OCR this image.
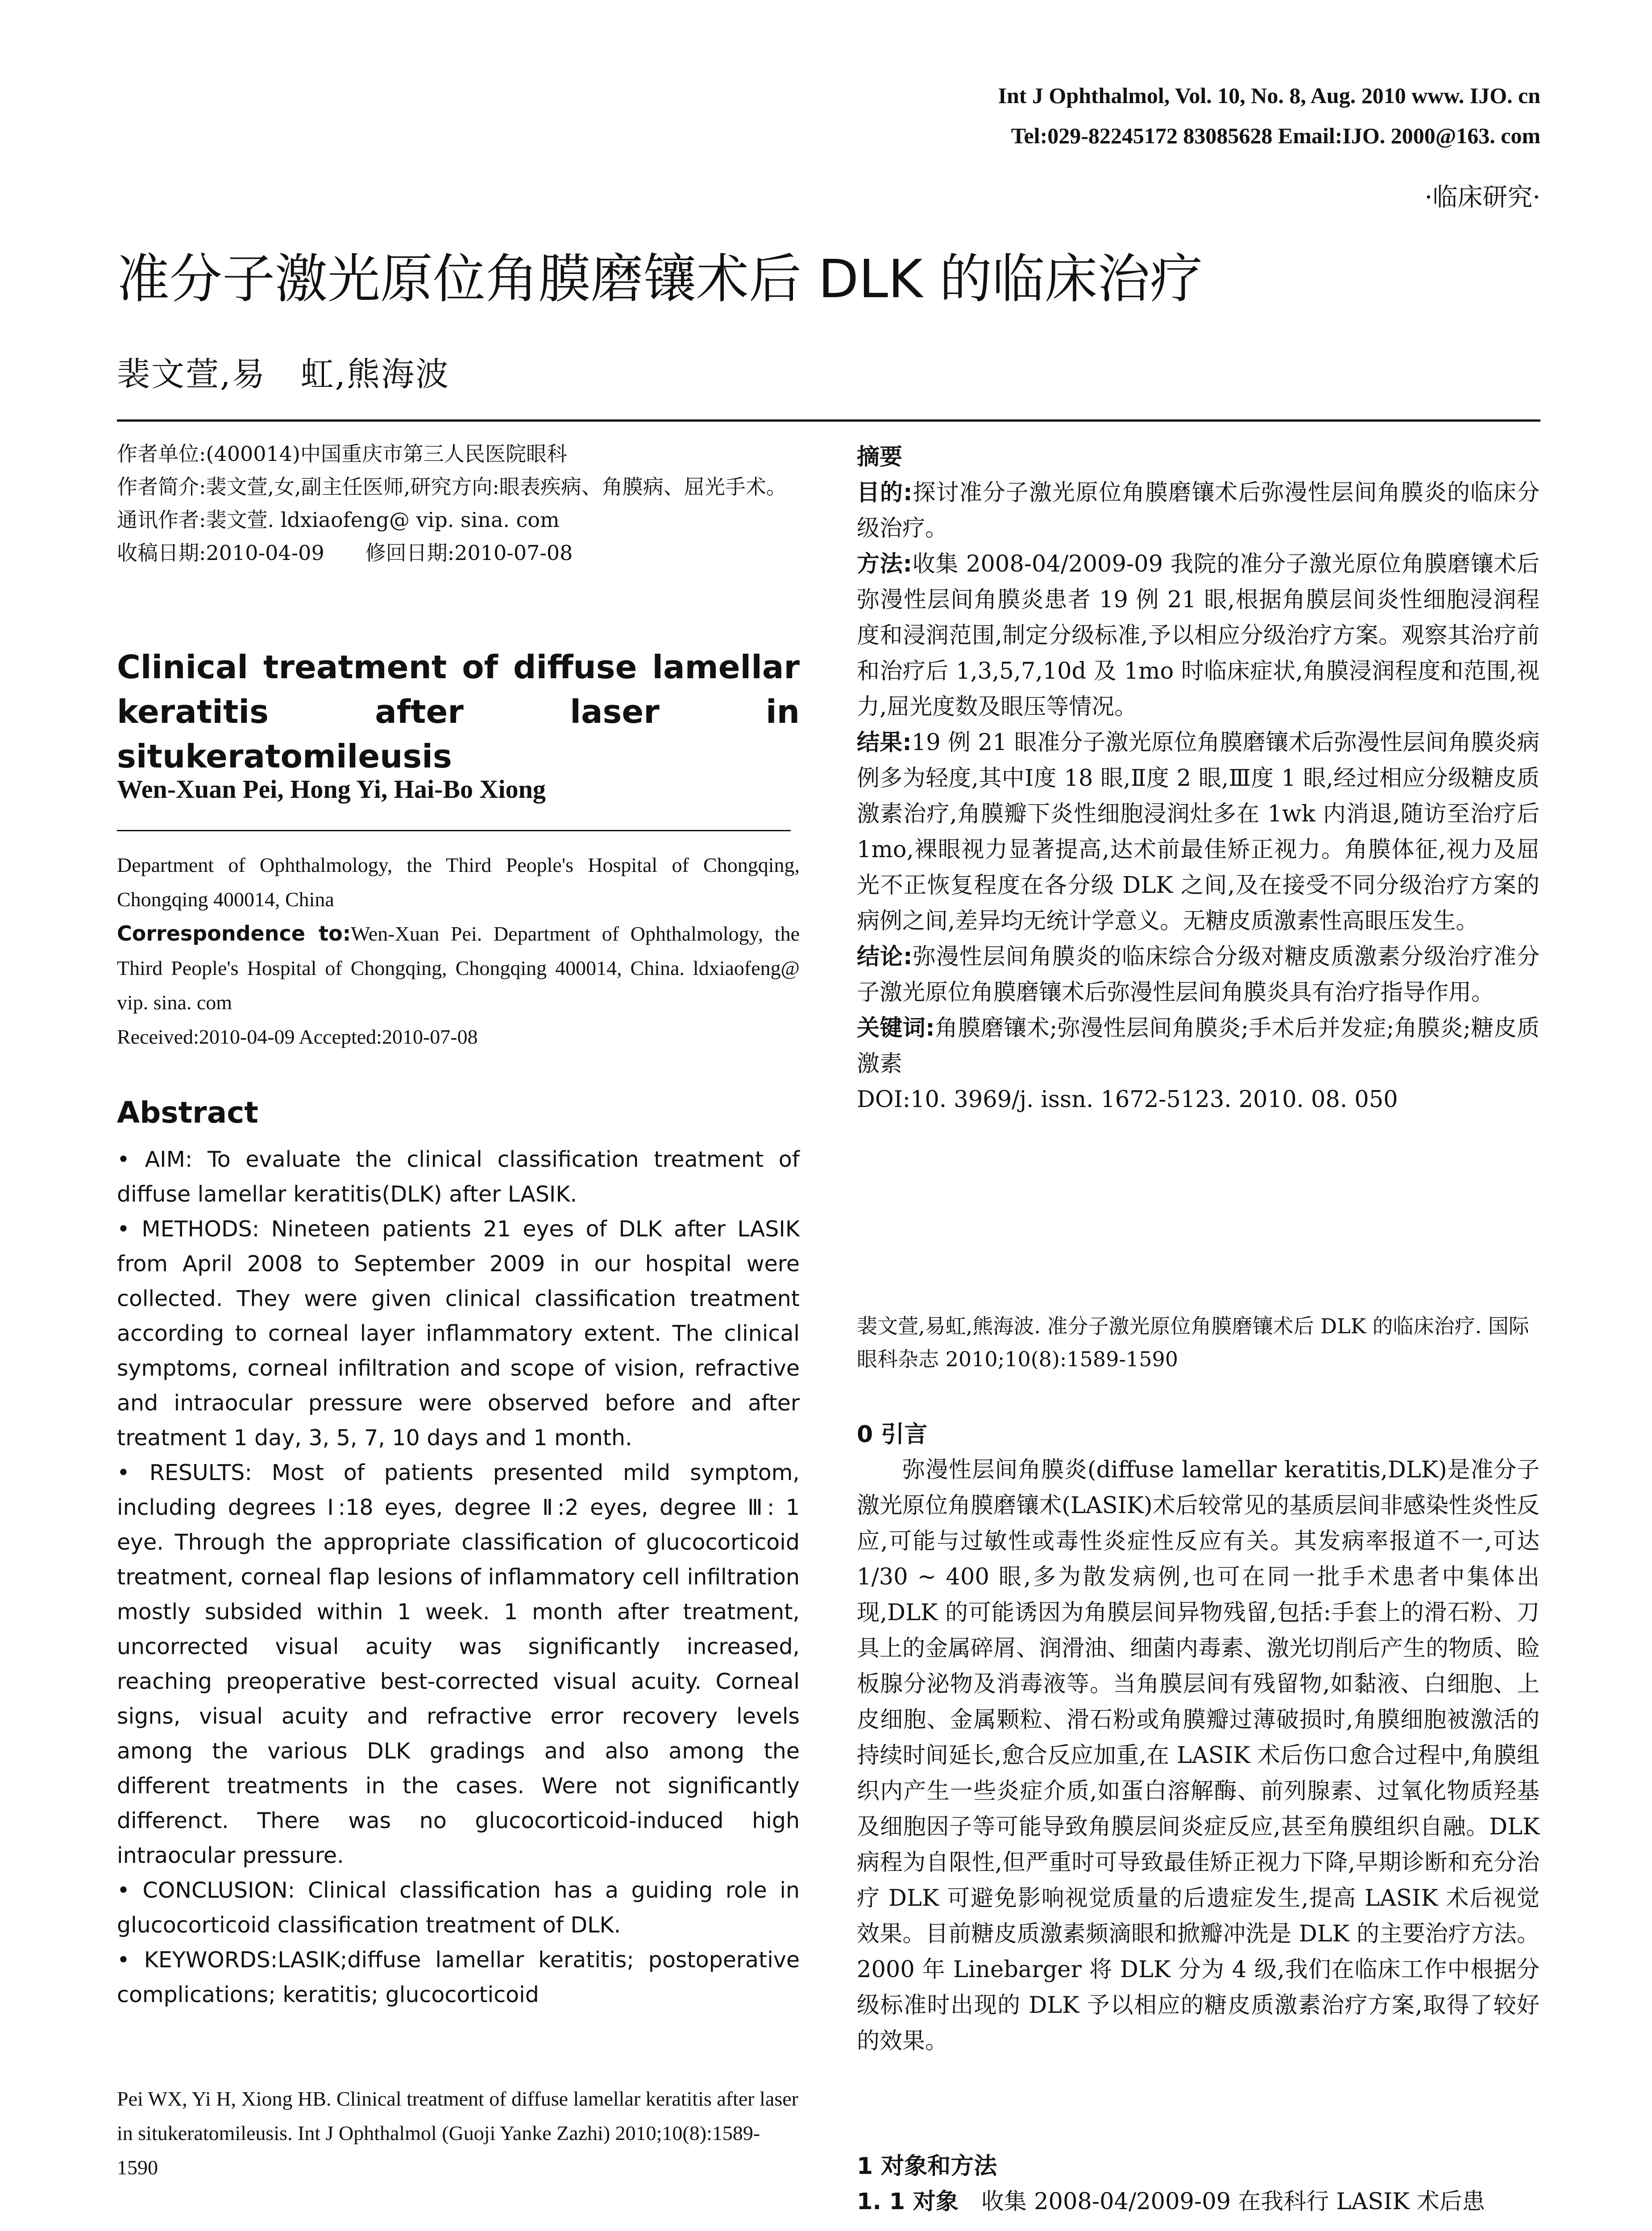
Int J Ophthalmol, Vol. 10, No. 8, Aug. 2010 www. IJO. cn
Tel:029-82245172 83085628 Email:IJO. 2000@163. com
·临床研究·
准分子激光原位角膜磨镶术后 DLK 的临床治疗
裴文萱,易　虹,熊海波

作者单位:(400014)中国重庆市第三人民医院眼科

作者简介:裴文萱,女,副主任医师,研究方向:眼表疾病、角膜病、屈光手术。

通讯作者:裴文萱. ldxiaofeng@ vip. sina. com

收稿日期:2010-04-09　　修回日期:2010-07-08

Clinical treatment of diffuse lamellar keratitis after laser in situkeratomileusis
Wen-Xuan Pei, Hong Yi, Hai-Bo Xiong

Department of Ophthalmology, the Third People's Hospital of Chongqing, Chongqing 400014, China

Correspondence to:Wen-Xuan Pei. Department of Ophthalmology, the Third People's Hospital of Chongqing, Chongqing 400014, China. ldxiaofeng@ vip. sina. com

Received:2010-04-09 Accepted:2010-07-08

Abstract

• AIM: To evaluate the clinical classification treatment of diffuse lamellar keratitis(DLK) after LASIK.

• METHODS: Nineteen patients 21 eyes of DLK after LASIK from April 2008 to September 2009 in our hospital were collected. They were given clinical classification treatment according to corneal layer inflammatory extent. The clinical symptoms, corneal infiltration and scope of vision, refractive and intraocular pressure were observed before and after treatment 1 day, 3, 5, 7, 10 days and 1 month.

• RESULTS: Most of patients presented mild symptom, including degrees Ⅰ:18 eyes, degree Ⅱ:2 eyes, degree Ⅲ: 1 eye. Through the appropriate classification of glucocorticoid treatment, corneal flap lesions of inflammatory cell infiltration mostly subsided within 1 week. 1 month after treatment, uncorrected visual acuity was significantly increased, reaching preoperative best-corrected visual acuity. Corneal signs, visual acuity and refractive error recovery levels among the various DLK gradings and also among the different treatments in the cases. Were not significantly differenct. There was no glucocorticoid-induced high intraocular pressure.

• CONCLUSION: Clinical classification has a guiding role in glucocorticoid classification treatment of DLK.

• KEYWORDS:LASIK;diffuse lamellar keratitis; postoperative complications; keratitis; glucocorticoid

Pei WX, Yi H, Xiong HB. Clinical treatment of diffuse lamellar keratitis after laser in situkeratomileusis. Int J Ophthalmol (Guoji Yanke Zazhi) 2010;10(8):1589-1590

摘要

目的:探讨准分子激光原位角膜磨镶术后弥漫性层间角膜炎的临床分级治疗。

方法:收集 2008-04/2009-09 我院的准分子激光原位角膜磨镶术后弥漫性层间角膜炎患者 19 例 21 眼,根据角膜层间炎性细胞浸润程度和浸润范围,制定分级标准,予以相应分级治疗方案。观察其治疗前和治疗后 1,3,5,7,10d 及 1mo 时临床症状,角膜浸润程度和范围,视力,屈光度数及眼压等情况。

结果:19 例 21 眼准分子激光原位角膜磨镶术后弥漫性层间角膜炎病例多为轻度,其中Ⅰ度 18 眼,Ⅱ度 2 眼,Ⅲ度 1 眼,经过相应分级糖皮质激素治疗,角膜瓣下炎性细胞浸润灶多在 1wk 内消退,随访至治疗后 1mo,裸眼视力显著提高,达术前最佳矫正视力。角膜体征,视力及屈光不正恢复程度在各分级 DLK 之间,及在接受不同分级治疗方案的病例之间,差异均无统计学意义。无糖皮质激素性高眼压发生。

结论:弥漫性层间角膜炎的临床综合分级对糖皮质激素分级治疗准分子激光原位角膜磨镶术后弥漫性层间角膜炎具有治疗指导作用。

关键词:角膜磨镶术;弥漫性层间角膜炎;手术后并发症;角膜炎;糖皮质激素

DOI:10. 3969/j. issn. 1672-5123. 2010. 08. 050

裴文萱,易虹,熊海波. 准分子激光原位角膜磨镶术后 DLK 的临床治疗. 国际眼科杂志 2010;10(8):1589-1590

0 引言

弥漫性层间角膜炎(diffuse lamellar keratitis,DLK)是准分子激光原位角膜磨镶术(LASIK)术后较常见的基质层间非感染性炎性反应,可能与过敏性或毒性炎症性反应有关。其发病率报道不一,可达 1/30 ~ 400 眼,多为散发病例,也可在同一批手术患者中集体出现,DLK 的可能诱因为角膜层间异物残留,包括:手套上的滑石粉、刀具上的金属碎屑、润滑油、细菌内毒素、激光切削后产生的物质、睑板腺分泌物及消毒液等。当角膜层间有残留物,如黏液、白细胞、上皮细胞、金属颗粒、滑石粉或角膜瓣过薄破损时,角膜细胞被激活的持续时间延长,愈合反应加重,在 LASIK 术后伤口愈合过程中,角膜组织内产生一些炎症介质,如蛋白溶解酶、前列腺素、过氧化物质羟基及细胞因子等可能导致角膜层间炎症反应,甚至角膜组织自融。DLK 病程为自限性,但严重时可导致最佳矫正视力下降,早期诊断和充分治疗 DLK 可避免影响视觉质量的后遗症发生,提高 LASIK 术后视觉效果。目前糖皮质激素频滴眼和掀瓣冲洗是 DLK 的主要治疗方法。2000 年 Linebarger 将 DLK 分为 4 级,我们在临床工作中根据分级标准时出现的 DLK 予以相应的糖皮质激素治疗方案,取得了较好的效果。

1 对象和方法

1. 1 对象　收集 2008-04/2009-09 在我科行 LASIK 术后患
